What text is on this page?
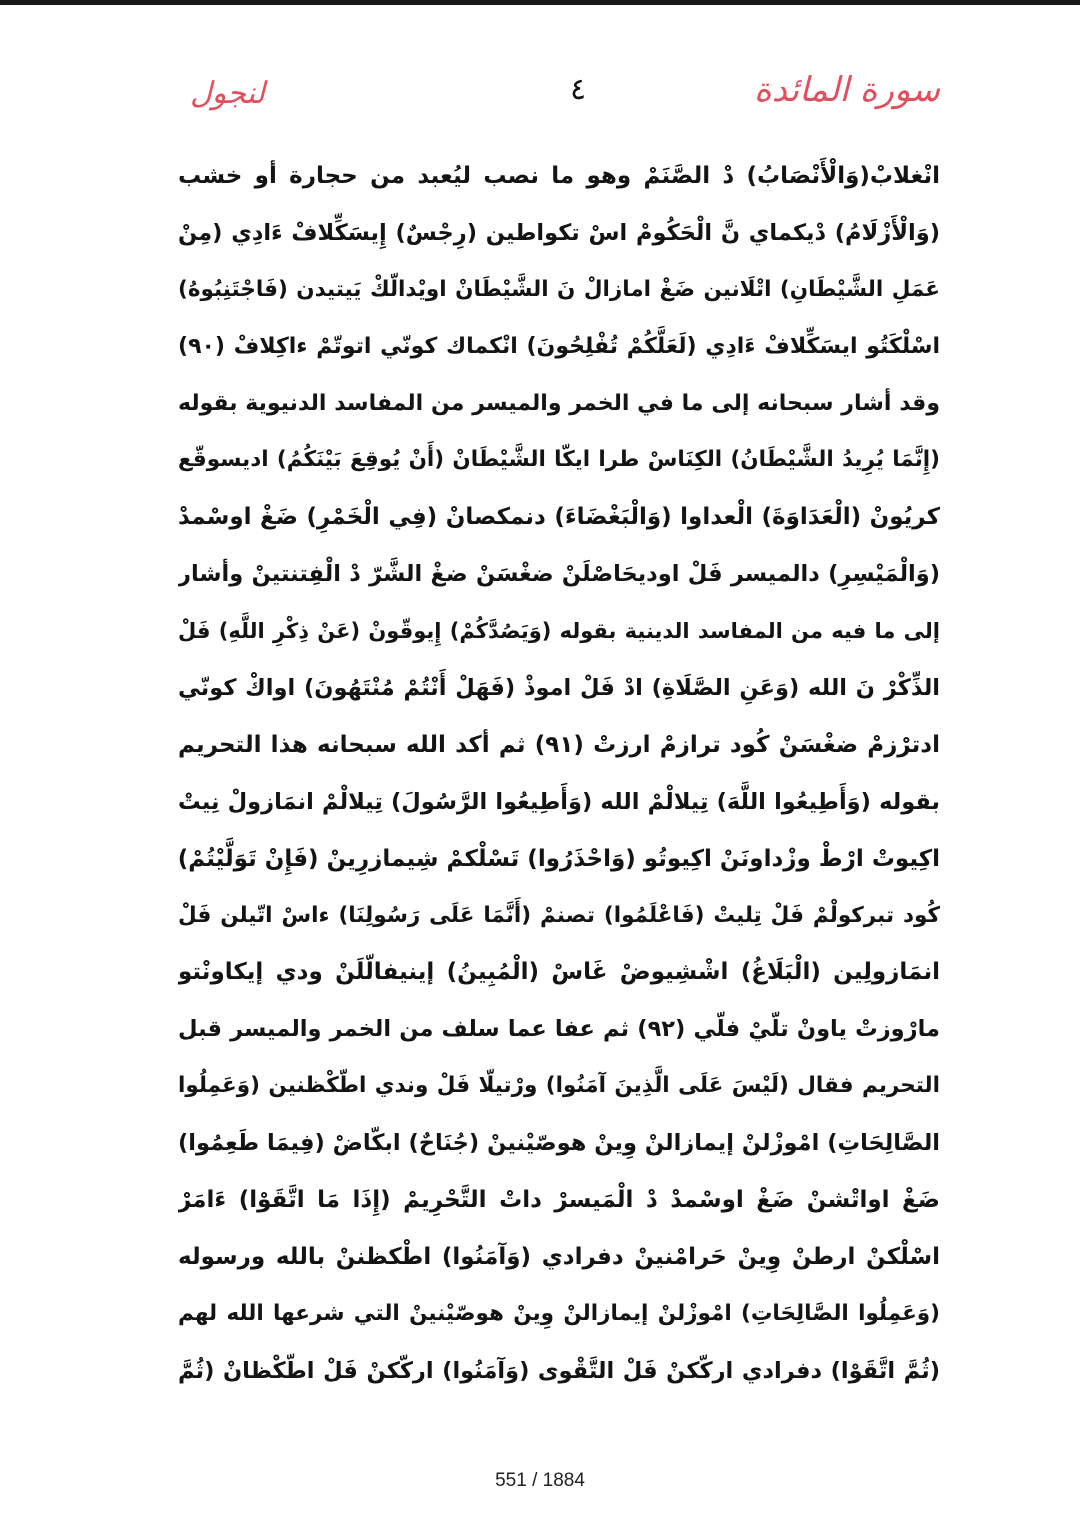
سورة المائدة
٤
لنجول
انْغلابْ(وَالْأَنْصَابُ) دْ الصَّنَمْ وهو ما نصب ليُعبد من حجارة أو خشب
(وَالْأَزْلَامُ) دْيكماي نَّ الْحَكُومْ اسْ تكواطين (رِجْسٌ) إِيسَكِّلافْ ءَادِي (مِنْ
عَمَلِ الشَّيْطَانِ) اتْلَانين ضَغْ امازالْ نَ الشَّيْطَانْ اويْدالّكْ يَيتيدن (فَاجْتَنِبُوهُ)
اسْلْكَتُو ايسَكِّلافْ ءَادِي (لَعَلَّكُمْ تُفْلِحُونَ) انْكماك كونّي اتوتّمْ ءاكِلافْ (٩٠)
وقد أشار سبحانه إلى ما في الخمر والميسر من المفاسد الدنيوية بقوله
(إِنَّمَا يُرِيدُ الشَّيْطَانُ) الكِنَاسْ طرا ايكّا الشَّيْطَانْ (أَنْ يُوقِعَ بَيْنَكُمُ) اديسوقّع
كريُونْ (الْعَدَاوَةَ) الْعداوا (وَالْبَغْضَاءَ) دنمكصانْ (فِي الْخَمْرِ) ضَغْ اوسْمدْ
(وَالْمَيْسِرِ) دالميسر فَلْ اوديحَاصْلَنْ ضغْسَنْ ضغْ الشَّرّ دْ الْفِتنتينْ وأشار
إلى ما فيه من المفاسد الدينية بقوله (وَيَصُدَّكُمْ) إِيوقّونْ (عَنْ ذِكْرِ اللَّهِ) فَلْ
الذِّكْرْ نَ الله (وَعَنِ الصَّلَاةِ) ادْ فَلْ اموذْ (فَهَلْ أَنْتُمْ مُنْتَهُونَ) اواكْ كونّي
ادترْزمْ ضغْسَنْ كُود ترازمْ ارزتْ (٩١) ثم أكد الله سبحانه هذا التحريم
بقوله (وَأَطِيعُوا اللَّهَ) تِيلالْمْ الله (وَأَطِيعُوا الرَّسُولَ) تِيلالْمْ انمَازولْ نِيتْ
اكِيوتْ ارْطْ وزْداونَنْ اكِيوتُو (وَاحْذَرُوا) تَسْلْكمْ شِيمازرِينْ (فَإِنْ تَوَلَّيْتُمْ)
كُود تبركولْمْ فَلْ تِليتْ (فَاعْلَمُوا) تصنمْ (أَنَّمَا عَلَى رَسُولِنَا) ءاسْ اتّيلن فَلْ
انمَازولِين (الْبَلَاغُ) اشْشِيوضْ غَاسْ (الْمُبِينُ) إينيفالّلَنْ ودي إيكاونْتو
مارْوزتْ ياونْ تلّيْ فلّي (٩٢) ثم عفا عما سلف من الخمر والميسر قبل
التحريم فقال (لَيْسَ عَلَى الَّذِينَ آمَنُوا) ورْتيلّا فَلْ وندي اطّكْظنين (وَعَمِلُوا
الصَّالِحَاتِ) امْوزْلنْ إيمازالنْ وِينْ هوصّيْنينْ (جُنَاحٌ) ابكّاضْ (فِيمَا طَعِمُوا)
ضَغْ اواتْشنْ ضَغْ اوسْمدْ دْ الْمَيسرْ داتْ التَّحْرِيمْ (إِذَا مَا اتَّقَوْا) ءَامَرْ
اسْلْكنْ ارطنْ وِينْ حَرامْنينْ دفرادي (وَآمَنُوا) اطْكظننْ بالله ورسوله
(وَعَمِلُوا الصَّالِحَاتِ) امْوزْلنْ إيمازالنْ وِينْ هوصّيْنينْ التي شرعها الله لهم
(ثُمَّ اتَّقَوْا) دفرادي اركّكنْ فَلْ التَّقْوى (وَآمَنُوا) اركّكنْ فَلْ اطّكْظانْ (ثُمَّ
551 / 1884
